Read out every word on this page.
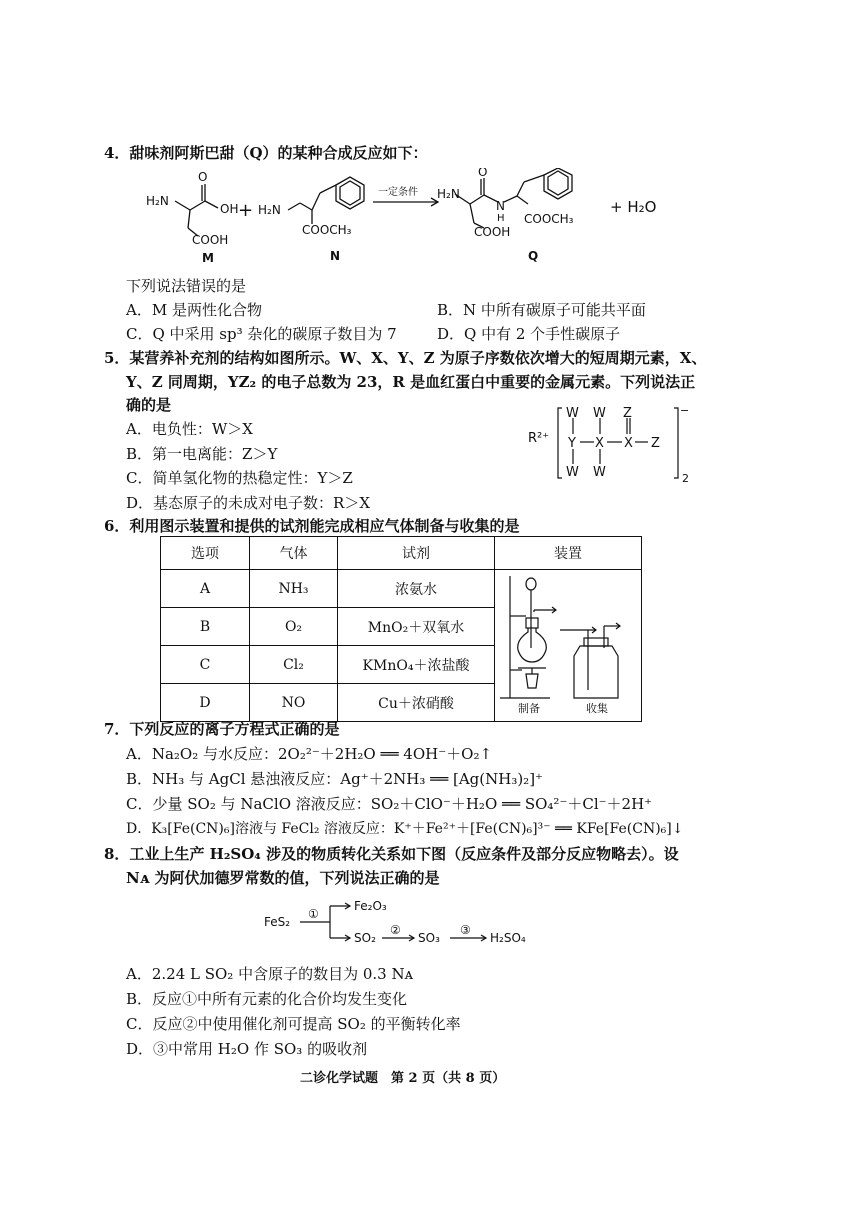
4．甜味剂阿斯巴甜（Q）的某种合成反应如下：
H₂N
O
OH
COOH
M
+ H₂N
COOCH₃
N
一定条件 H₂N
O
N
H
COOH
COOCH₃
Q
+ H₂O
下列说法错误的是
A．M 是两性化合物	B．N 中所有碳原子可能共平面
C．Q 中采用 sp³ 杂化的碳原子数目为 7	D．Q 中有 2 个手性碳原子
5．某营养补充剂的结构如图所示。W、X、Y、Z 为原子序数依次增大的短周期元素，X、
Y、Z 同周期，YZ₂ 的电子总数为 23，R 是血红蛋白中重要的金属元素。下列说法正
确的是
A．电负性：W＞X
B．第一电离能：Z＞Y
C．简单氢化物的热稳定性：Y＞Z
D．基态原子的未成对电子数：R＞X
R²⁺
W W Z
Y X X Z
W W
−
2
6．利用图示装置和提供的试剂能完成相应气体制备与收集的是
选项	气体	试剂	装置
A	NH₃	浓氨水	制备 收集

B	O₂	MnO₂＋双氧水	
C	Cl₂	KMnO₄＋浓盐酸	
D	NO	Cu＋浓硝酸	
7．下列反应的离子方程式正确的是
A．Na₂O₂ 与水反应：2O₂²⁻＋2H₂O ══ 4OH⁻＋O₂↑
B．NH₃ 与 AgCl 悬浊液反应：Ag⁺＋2NH₃ ══ [Ag(NH₃)₂]⁺
C．少量 SO₂ 与 NaClO 溶液反应：SO₂＋ClO⁻＋H₂O ══ SO₄²⁻＋Cl⁻＋2H⁺
D．K₃[Fe(CN)₆]溶液与 FeCl₂ 溶液反应：K⁺＋Fe²⁺＋[Fe(CN)₆]³⁻ ══ KFe[Fe(CN)₆]↓
8．工业上生产 H₂SO₄ 涉及的物质转化关系如下图（反应条件及部分反应物略去）。设
Nᴀ 为阿伏加德罗常数的值，下列说法正确的是
FeS₂
①
Fe₂O₃
SO₂
②
SO₃
③
H₂SO₄
A．2.24 L SO₂ 中含原子的数目为 0.3 Nᴀ
B．反应①中所有元素的化合价均发生变化
C．反应②中使用催化剂可提高 SO₂ 的平衡转化率
D．③中常用 H₂O 作 SO₃ 的吸收剂
二诊化学试题　第 2 页（共 8 页）
